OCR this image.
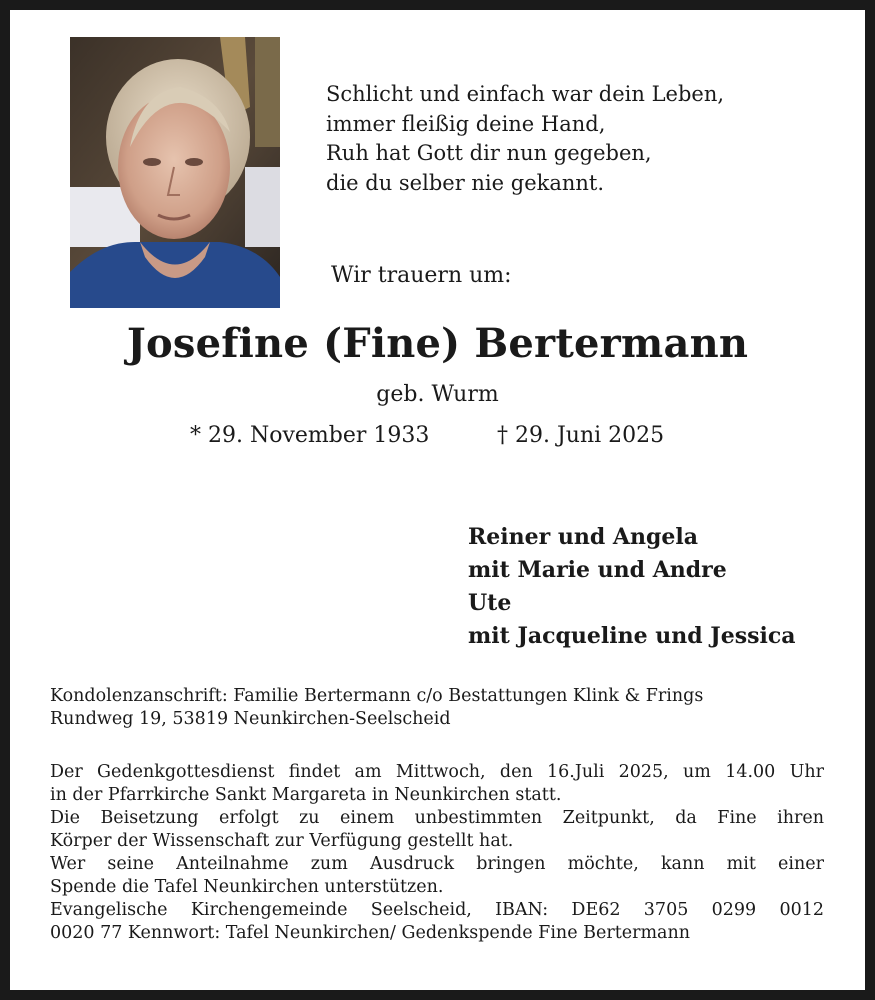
Schlicht und einfach war dein Leben,
immer fleißig deine Hand,
Ruh hat Gott dir nun gegeben,
die du selber nie gekannt.
Wir trauern um:
Josefine (Fine) Bertermann
geb. Wurm
* 29. November 1933	† 29. Juni 2025
Reiner und Angela
mit Marie und Andre
Ute
mit Jacqueline und Jessica
Kondolenzanschrift: Familie Bertermann c/o Bestattungen Klink & Frings
Rundweg 19, 53819 Neunkirchen-Seelscheid
Der Gedenkgottesdienst findet am Mittwoch, den 16.Juli 2025, um 14.00 Uhr
in der Pfarrkirche Sankt Margareta in Neunkirchen statt.
Die Beisetzung erfolgt zu einem unbestimmten Zeitpunkt, da Fine ihren
Körper der Wissenschaft zur Verfügung gestellt hat.
Wer seine Anteilnahme zum Ausdruck bringen möchte, kann mit einer
Spende die Tafel Neunkirchen unterstützen.
Evangelische Kirchengemeinde Seelscheid, IBAN: DE62 3705 0299 0012
0020 77 Kennwort: Tafel Neunkirchen/ Gedenkspende Fine Bertermann
